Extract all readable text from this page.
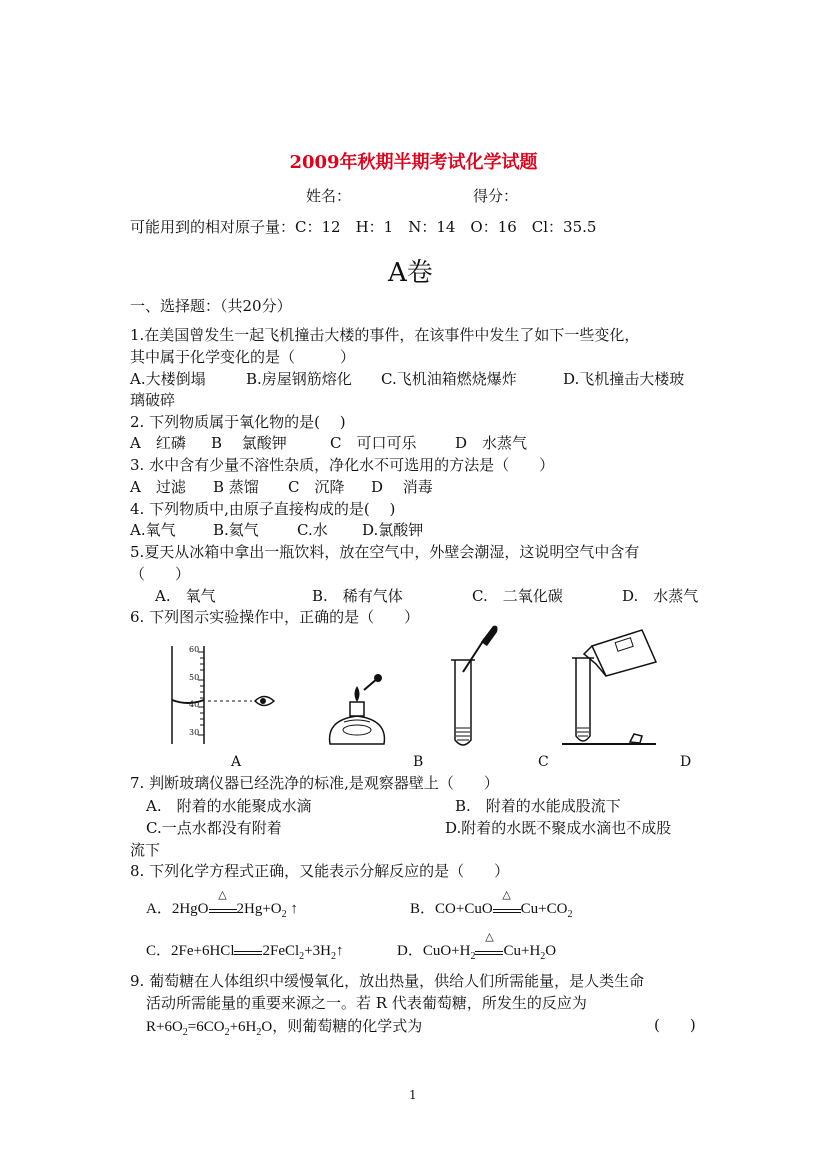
2009年秋期半期考试化学试题
姓名：	得分：
可能用到的相对原子量：C：12　H：1　N：14　O：16　Cl：35.5
A卷
一、选择题：（共20分）
1.在美国曾发生一起飞机撞击大楼的事件，在该事件中发生了如下一些变化，
其中属于化学变化的是（　　　）
A.大楼倒塌	B.房屋钢筋熔化 C.飞机油箱燃烧爆炸	D.飞机撞击大楼玻
璃破碎
2. 下列物质属于氧化物的是(　 )
A　红磷 B　 氯酸钾	C　可口可乐	D　水蒸气
3. 水中含有少量不溶性杂质，净化水不可选用的方法是（　　）
A　过滤 B 蒸馏 C　沉降 D　 消毒
4. 下列物质中,由原子直接构成的是(　 )
A.氧气 B.氦气	C.水 D.氯酸钾
5.夏天从冰箱中拿出一瓶饮料，放在空气中，外壁会潮湿，这说明空气中含有
（　　）
A.　氧气	B.　稀有气体	C.　二氧化碳	D.　水蒸气
6. 下列图示实验操作中，正确的是（　　）
60
50
40
30
A	B	C	D
7. 判断玻璃仪器已经洗净的标准,是观察器壁上（　　）
A.　附着的水能聚成水滴	B.　附着的水能成股流下
C.一点水都没有附着	D.附着的水既不聚成水滴也不成股
流下
8. 下列化学方程式正确，又能表示分解反应的是（　　）
A．2HgO
△
$2Hg+O_2$ ↑	B．CO+CuO
△
$Cu+CO_2$
C．2Fe+6HCl $2FeCl_2+3H_2↑$	D．$CuO+H_2$
△
$Cu+H_2O$
9. 葡萄糖在人体组织中缓慢氧化，放出热量，供给人们所需能量，是人类生命
活动所需能量的重要来源之一。若 R 代表葡萄糖，所发生的反应为
$R+6O_2=6CO_2+6H_2O$，则葡萄糖的化学式为	(　　)
1
